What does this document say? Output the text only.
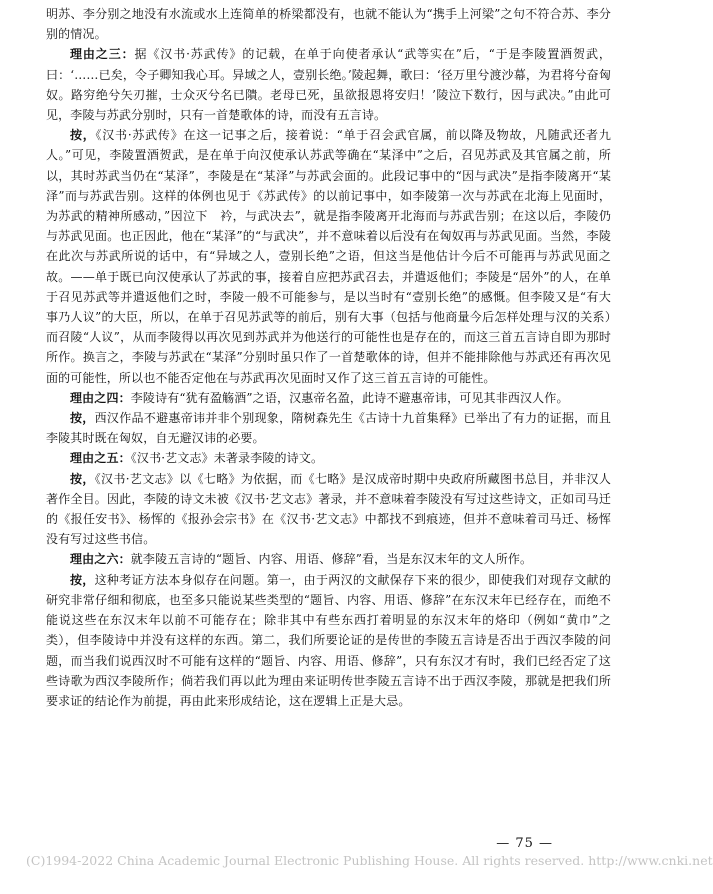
明苏、李分别之地没有水流或水上连简单的桥梁都没有，也就不能认为“携手上河梁”之句不符合苏、李分别的情况。

理由之三：据《汉书·苏武传》的记载，在单于向使者承认“武等实在”后，“于是李陵置酒贺武，曰：‘……已矣，令子卿知我心耳。异域之人，壹别长绝。’陵起舞，歌曰：‘径万里兮渡沙幕，为君将兮奋匈奴。路穷绝兮矢刃摧，士众灭兮名已隤。老母已死，虽欲报恩将安归！’陵泣下数行，因与武决。”由此可见，李陵与苏武分别时，只有一首楚歌体的诗，而没有五言诗。

按，《汉书·苏武传》在这一记事之后，接着说：“单于召会武官属，前以降及物故，凡随武还者九人。”可见，李陵置酒贺武，是在单于向汉使承认苏武等确在“某泽中”之后，召见苏武及其官属之前，所以，其时苏武当仍在“某泽”，李陵是在“某泽”与苏武会面的。此段记事中的“因与武决”是指李陵离开“某泽”而与苏武告别。这样的体例也见于《苏武传》的以前记事中，如李陵第一次与苏武在北海上见面时，为苏武的精神所感动，”因泣下　衿，与武决去”，就是指李陵离开北海而与苏武告别；在这以后，李陵仍与苏武见面。也正因此，他在“某泽”的“与武决”，并不意味着以后没有在匈奴再与苏武见面。当然，李陵在此次与苏武所说的话中，有“异域之人，壹别长绝”之语，但这当是他估计今后不可能再与苏武见面之故。——单于既已向汉使承认了苏武的事，接着自应把苏武召去，并遣返他们；李陵是“居外”的人，在单于召见苏武等并遣返他们之时，李陵一般不可能参与，是以当时有“壹别长绝”的感慨。但李陵又是“有大事乃人议”的大臣，所以，在单于召见苏武等的前后，别有大事（包括与他商量今后怎样处理与汉的关系）而召陵“人议”，从而李陵得以再次见到苏武并为他送行的可能性也是存在的，而这三首五言诗自即为那时所作。换言之，李陵与苏武在“某泽”分别时虽只作了一首楚歌体的诗，但并不能排除他与苏武还有再次见面的可能性，所以也不能否定他在与苏武再次见面时又作了这三首五言诗的可能性。

理由之四：李陵诗有“犹有盈觞酒”之语，汉惠帝名盈，此诗不避惠帝讳，可见其非西汉人作。

按，西汉作品不避惠帝讳并非个别现象，隋树森先生《古诗十九首集释》已举出了有力的证据，而且李陵其时既在匈奴，自无避汉讳的必要。

理由之五：《汉书·艺文志》未著录李陵的诗文。

按，《汉书·艺文志》以《七略》为依据，而《七略》是汉成帝时期中央政府所藏图书总目，并非汉人著作全目。因此，李陵的诗文未被《汉书·艺文志》著录，并不意味着李陵没有写过这些诗文，正如司马迁的《报任安书》、杨恽的《报孙会宗书》在《汉书·艺文志》中都找不到痕迹，但并不意味着司马迁、杨恽没有写过这些书信。

理由之六：就李陵五言诗的“题旨、内容、用语、修辞”看，当是东汉末年的文人所作。

按，这种考证方法本身似存在问题。第一，由于两汉的文献保存下来的很少，即使我们对现存文献的研究非常仔细和彻底，也至多只能说某些类型的“题旨、内容、用语、修辞”在东汉末年已经存在，而绝不能说这些在东汉末年以前不可能存在；除非其中有些东西打着明显的东汉末年的烙印（例如“黄巾”之类），但李陵诗中并没有这样的东西。第二，我们所要论证的是传世的李陵五言诗是否出于西汉李陵的问题，而当我们说西汉时不可能有这样的“题旨、内容、用语、修辞”，只有东汉才有时，我们已经否定了这些诗歌为西汉李陵所作；倘若我们再以此为理由来证明传世李陵五言诗不出于西汉李陵，那就是把我们所要求证的结论作为前提，再由此来形成结论，这在逻辑上正是大忌。

— 75 —
(C)1994-2022 China Academic Journal Electronic Publishing House. All rights reserved. http://www.cnki.net
